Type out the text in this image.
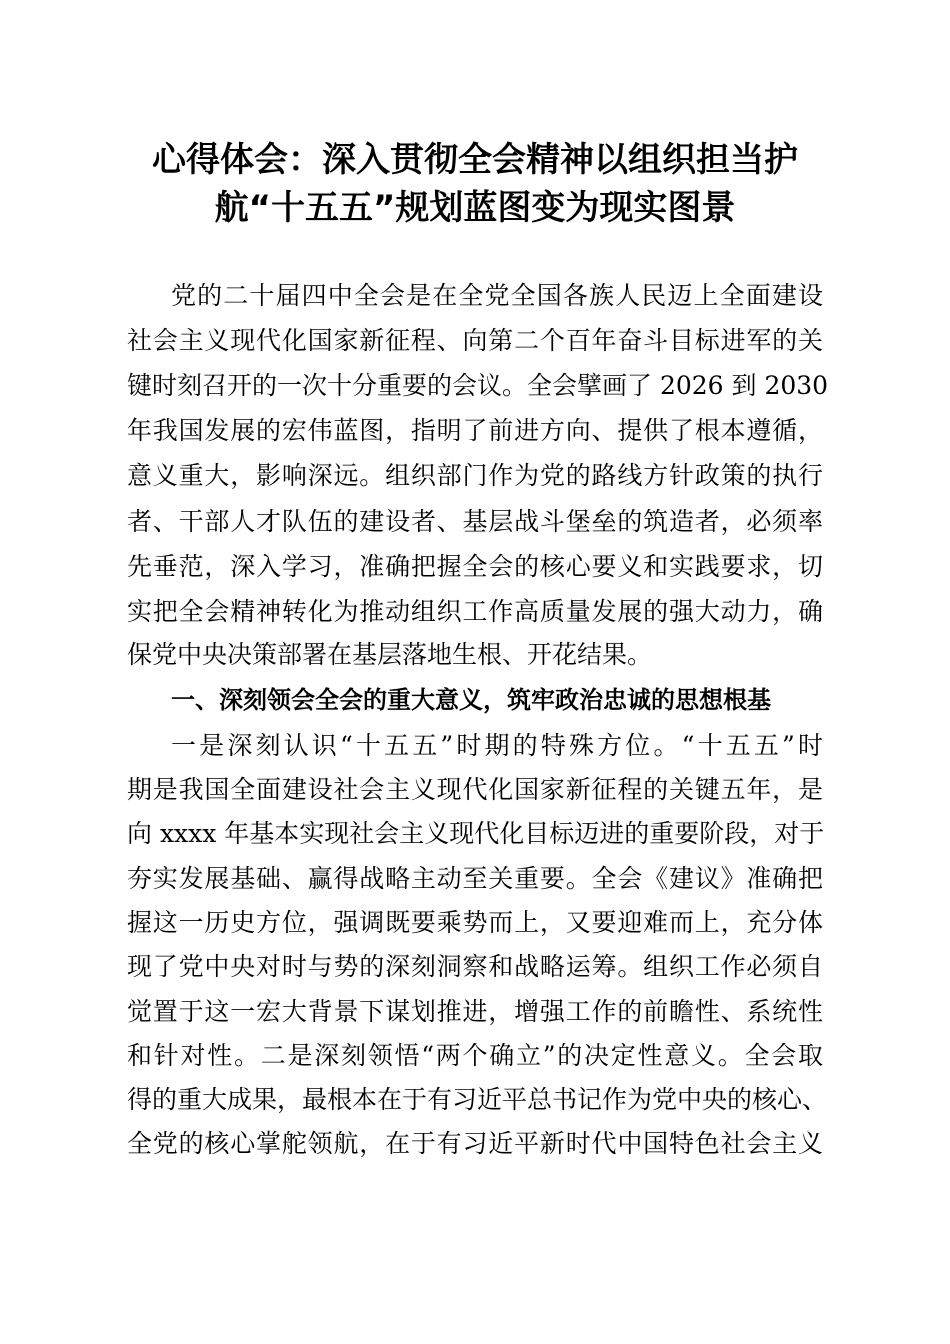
心得体会：深入贯彻全会精神以组织担当护
航“十五五”规划蓝图变为现实图景
党的二十届四中全会是在全党全国各族人民迈上全面建设
社会主义现代化国家新征程、向第二个百年奋斗目标进军的关
键时刻召开的一次十分重要的会议。全会擘画了 2026 到 2030
年我国发展的宏伟蓝图，指明了前进方向、提供了根本遵循，
意义重大，影响深远。组织部门作为党的路线方针政策的执行
者、干部人才队伍的建设者、基层战斗堡垒的筑造者，必须率
先垂范，深入学习，准确把握全会的核心要义和实践要求，切
实把全会精神转化为推动组织工作高质量发展的强大动力，确
保党中央决策部署在基层落地生根、开花结果。
一、深刻领会全会的重大意义，筑牢政治忠诚的思想根基
一是深刻认识“十五五”时期的特殊方位。“十五五”时
期是我国全面建设社会主义现代化国家新征程的关键五年，是
向 xxxx 年基本实现社会主义现代化目标迈进的重要阶段，对于
夯实发展基础、赢得战略主动至关重要。全会《建议》准确把
握这一历史方位，强调既要乘势而上，又要迎难而上，充分体
现了党中央对时与势的深刻洞察和战略运筹。组织工作必须自
觉置于这一宏大背景下谋划推进，增强工作的前瞻性、系统性
和针对性。二是深刻领悟“两个确立”的决定性意义。全会取
得的重大成果，最根本在于有习近平总书记作为党中央的核心、
全党的核心掌舵领航，在于有习近平新时代中国特色社会主义
